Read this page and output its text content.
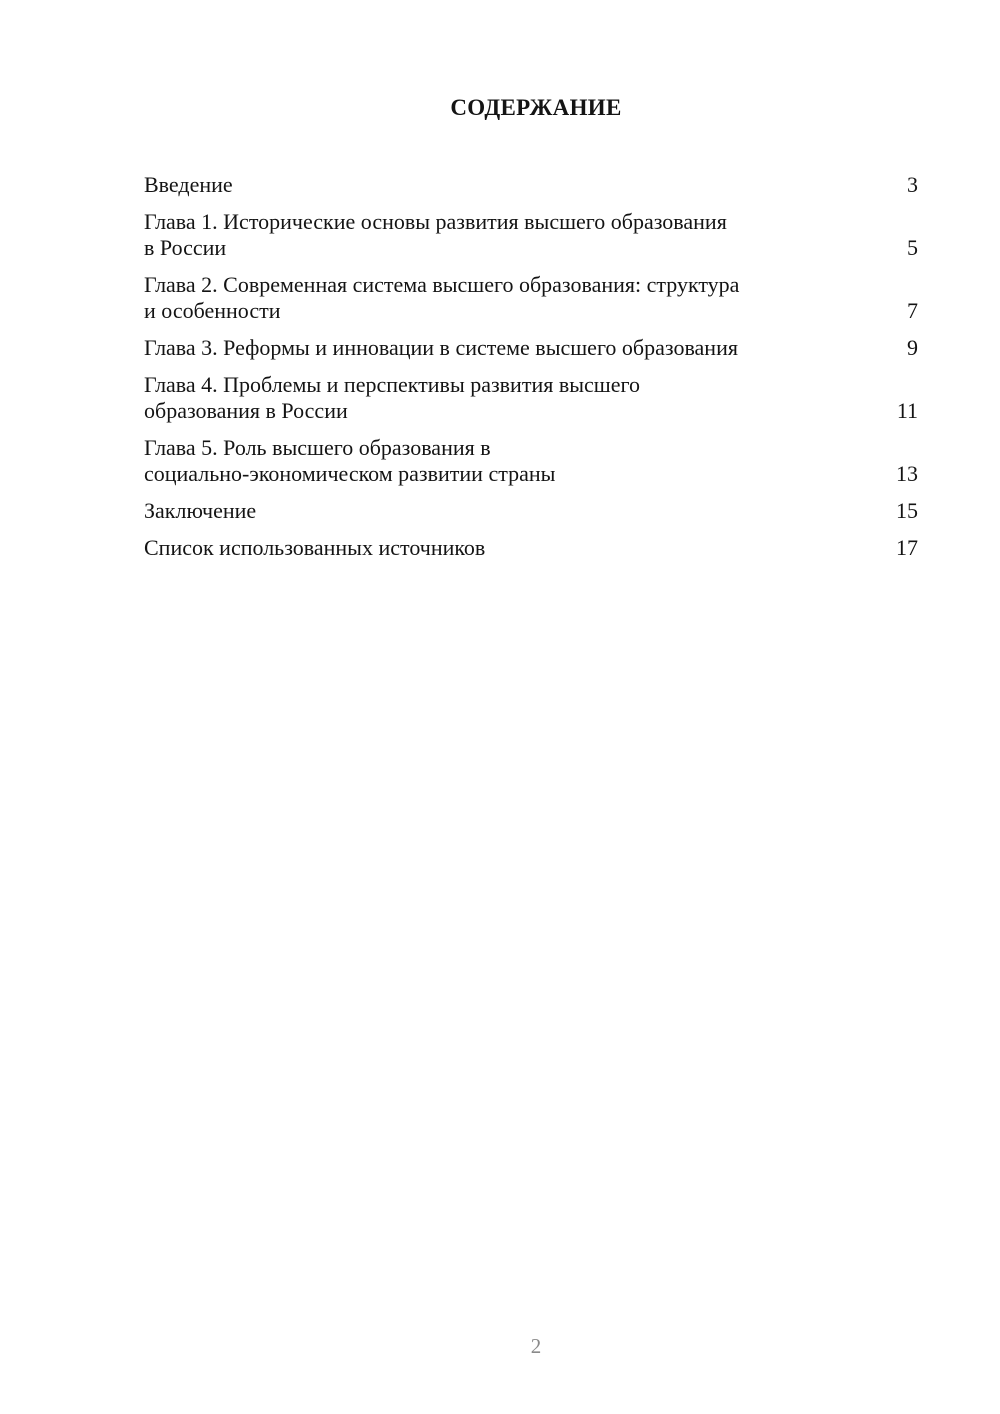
СОДЕРЖАНИЕ
Введение	3
Глава 1. Исторические основы развития высшего образования
в России	5
Глава 2. Современная система высшего образования: структура
и особенности	7
Глава 3. Реформы и инновации в системе высшего образования	9
Глава 4. Проблемы и перспективы развития высшего
образования в России	11
Глава 5. Роль высшего образования в
социально-экономическом развитии страны	13
Заключение	15
Список использованных источников	17
2
